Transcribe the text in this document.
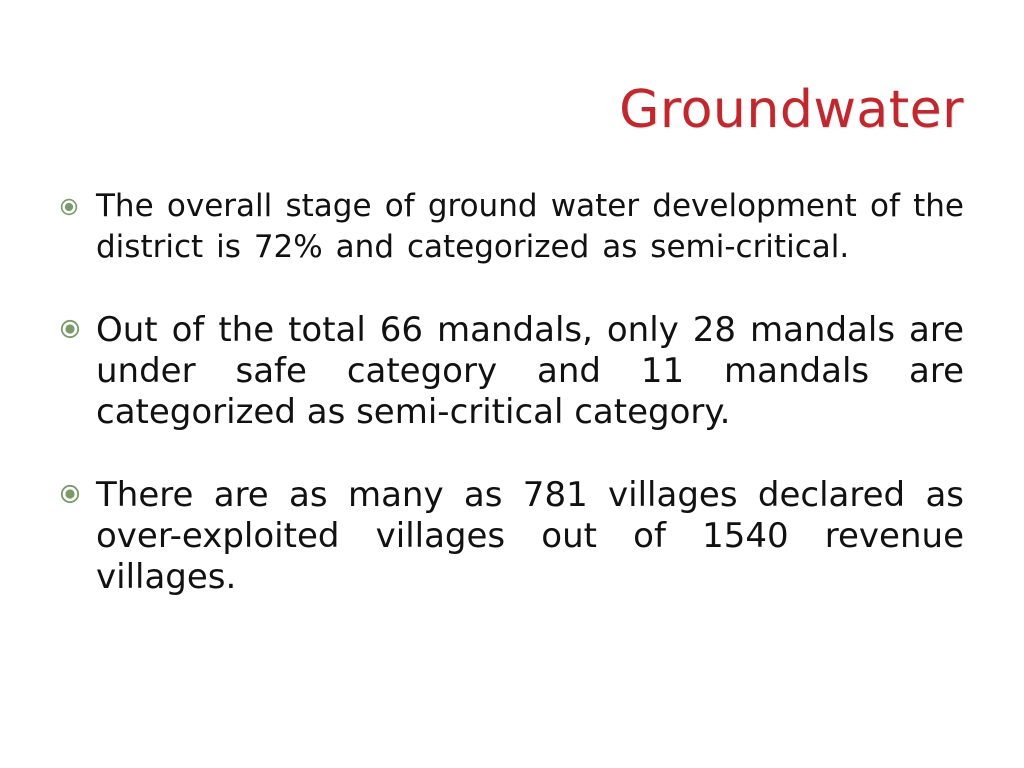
Groundwater
The overall stage of ground water development of the district is 72% and categorized as semi-critical.
Out of the total 66 mandals, only 28 mandals are under safe category and 11 mandals are categorized as semi-critical category.
There are as many as 781 villages declared as over-exploited villages out of 1540 revenue villages.
